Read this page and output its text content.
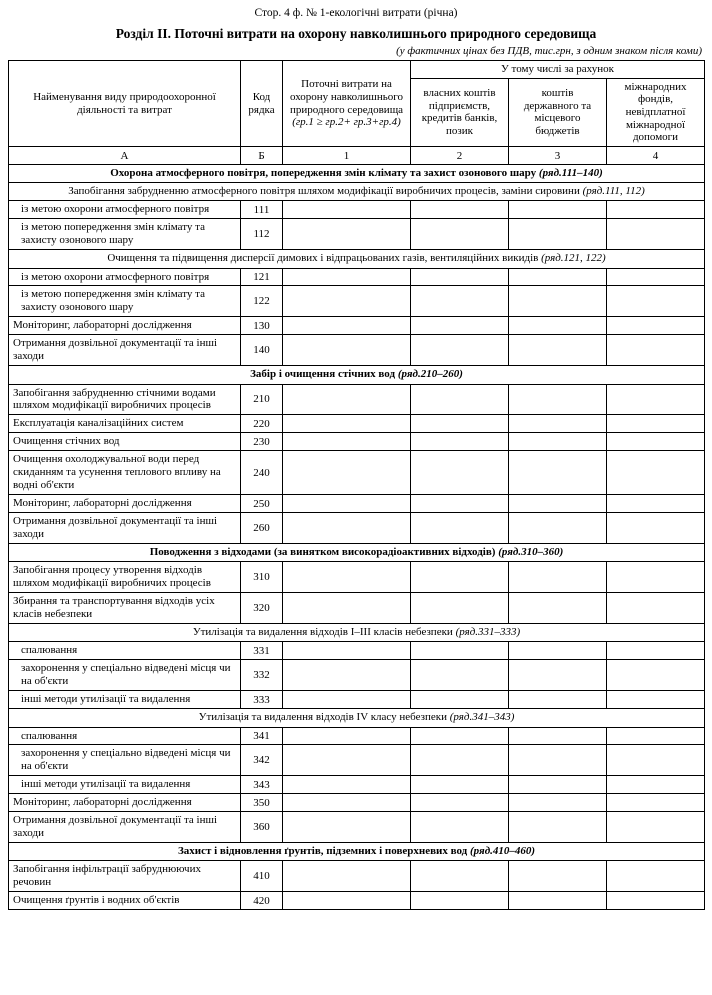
Стор. 4 ф. № 1-екологічні витрати (річна)
Розділ II. Поточні витрати на охорону навколишнього природного середовища
(у фактичних цінах без ПДВ, тис.грн, з одним знаком після коми)
Найменування виду природоохоронної діяльності та витрат	Код рядка	Поточні витрати на охорону навколишнього природного середовища (гр.1 ≥ гр.2+ гр.3+гр.4)	У тому числі за рахунок		
			власних коштів підприємств, кредитів банків, позик	коштів державного та місцевого бюджетів	міжнародних фондів, невідплатної міжнародної допомоги
А	Б	1	2	3	4
Охорона атмосферного повітря, попередження змін клімату та захист озонового шару (ряд.111–140)					
Запобігання забрудненню атмосферного повітря шляхом модифікації виробничих процесів, заміни сировини (ряд.111, 112)					
із метою охорони атмосферного повітря	111				
із метою попередження змін клімату та захисту озонового шару	112				
Очищення та підвищення дисперсії димових і відпрацьованих газів, вентиляційних викидів (ряд.121, 122)					
із метою охорони атмосферного повітря	121				
із метою попередження змін клімату та захисту озонового шару	122				
Моніторинг, лабораторні дослідження	130				
Отримання дозвільної документації та інші заходи	140				
Забір і очищення стічних вод (ряд.210–260)					
Запобігання забрудненню стічними водами шляхом модифікації виробничих процесів	210				
Експлуатація каналізаційних систем	220				
Очищення стічних вод	230				
Очищення охолоджувальної води перед скиданням та усунення теплового впливу на водні об'єкти	240				
Моніторинг, лабораторні дослідження	250				
Отримання дозвільної документації та інші заходи	260				
Поводження з відходами (за винятком високорадіоактивних відходів) (ряд.310–360)					
Запобігання процесу утворення відходів шляхом модифікації виробничих процесів	310				
Збирання та транспортування відходів усіх класів небезпеки	320				
Утилізація та видалення відходів I–III класів небезпеки (ряд.331–333)					
спалювання	331				
захоронення у спеціально відведені місця чи на об'єкти	332				
інші методи утилізації та видалення	333				
Утилізація та видалення відходів IV класу небезпеки (ряд.341–343)					
спалювання	341				
захоронення у спеціально відведені місця чи на об'єкти	342				
інші методи утилізації та видалення	343				
Моніторинг, лабораторні дослідження	350				
Отримання дозвільної документації та інші заходи	360				
Захист і відновлення ґрунтів, підземних і поверхневих вод (ряд.410–460)					
Запобігання інфільтрації забруднюючих речовин	410				
Очищення ґрунтів і водних об'єктів	420				
